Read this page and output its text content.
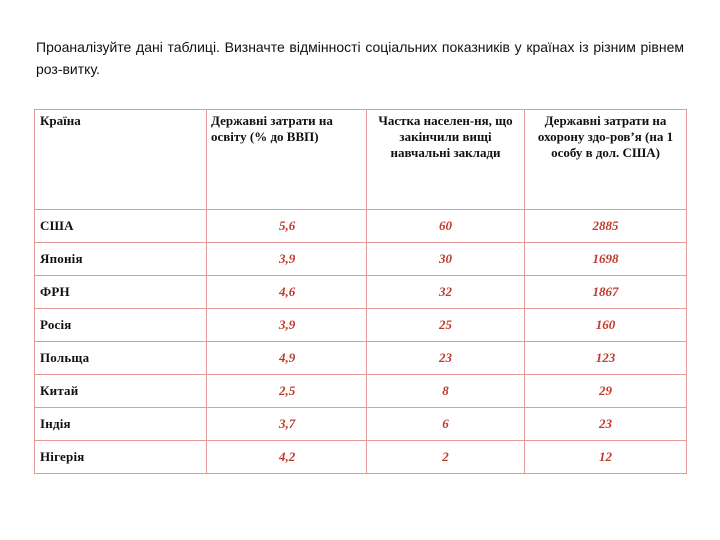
Проаналізуйте дані таблиці. Визначте відмінності соціальних показників у країнах із різним рівнем роз-витку.

Країна	Державні затрати на освіту (% до ВВП)	Частка населен-ня, що закінчили вищі навчальні заклади	Державні затрати на охорону здо-ров’я (на 1 особу в дол. США)
США	5,6	60	2885
Японія	3,9	30	1698
ФРН	4,6	32	1867
Росія	3,9	25	160
Польща	4,9	23	123
Китай	2,5	8	29
Індія	3,7	6	23
Нігерія	4,2	2	12
